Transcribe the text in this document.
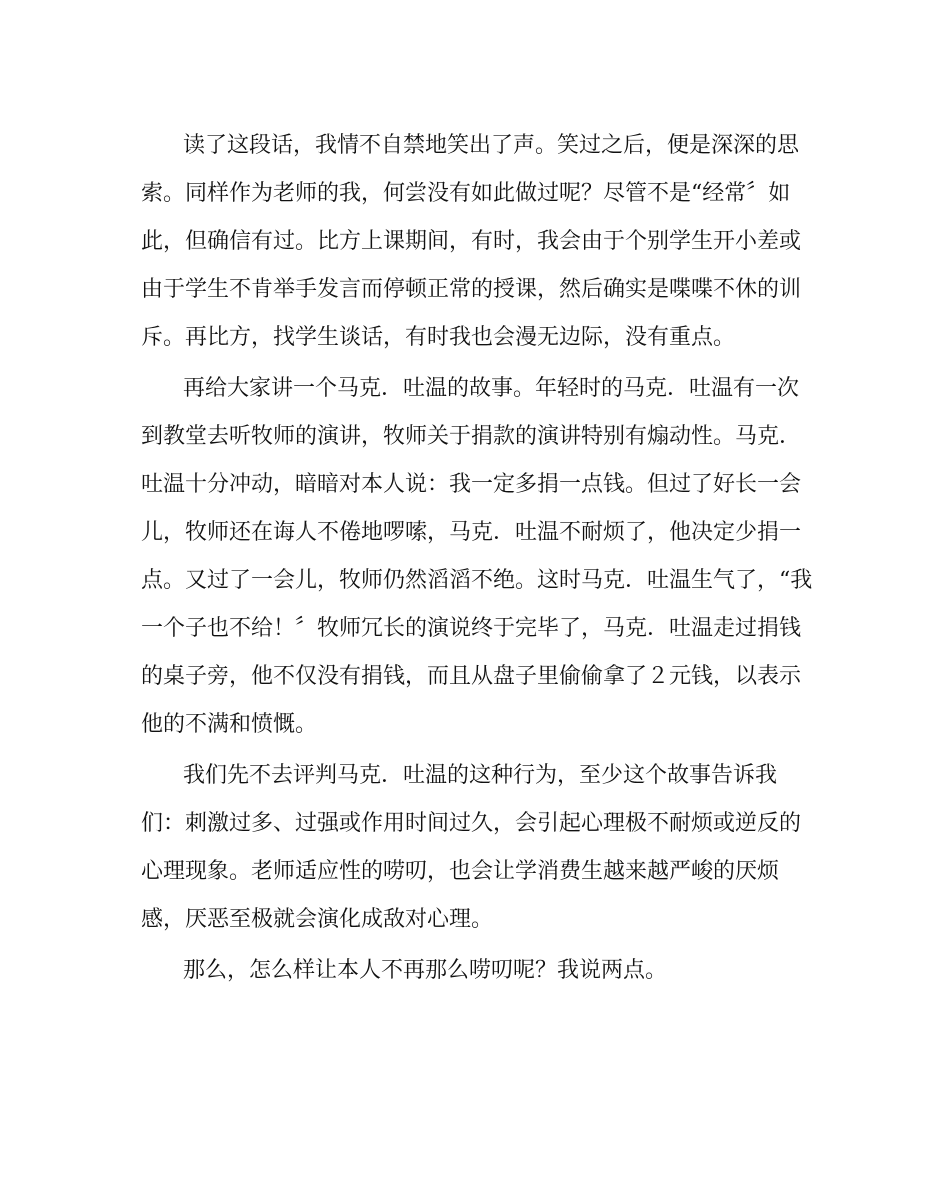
读了这段话，我情不自禁地笑出了声。笑过之后，便是深深的思

索。同样作为老师的我，何尝没有如此做过呢？尽管不是“经常〞如

此，但确信有过。比方上课期间，有时，我会由于个别学生开小差或

由于学生不肯举手发言而停顿正常的授课，然后确实是喋喋不休的训

斥。再比方，找学生谈话，有时我也会漫无边际，没有重点。

再给大家讲一个马克．吐温的故事。年轻时的马克．吐温有一次

到教堂去听牧师的演讲，牧师关于捐款的演讲特别有煽动性。马克．

吐温十分冲动，暗暗对本人说：我一定多捐一点钱。但过了好长一会

儿，牧师还在诲人不倦地啰嗦，马克．吐温不耐烦了，他决定少捐一

点。又过了一会儿，牧师仍然滔滔不绝。这时马克．吐温生气了，“我

一个子也不给！〞牧师冗长的演说终于完毕了，马克．吐温走过捐钱

的桌子旁，他不仅没有捐钱，而且从盘子里偷偷拿了２元钱，以表示

他的不满和愤慨。

我们先不去评判马克．吐温的这种行为，至少这个故事告诉我

们：刺激过多、过强或作用时间过久，会引起心理极不耐烦或逆反的

心理现象。老师适应性的唠叨，也会让学消费生越来越严峻的厌烦

感，厌恶至极就会演化成敌对心理。

那么，怎么样让本人不再那么唠叨呢？我说两点。
